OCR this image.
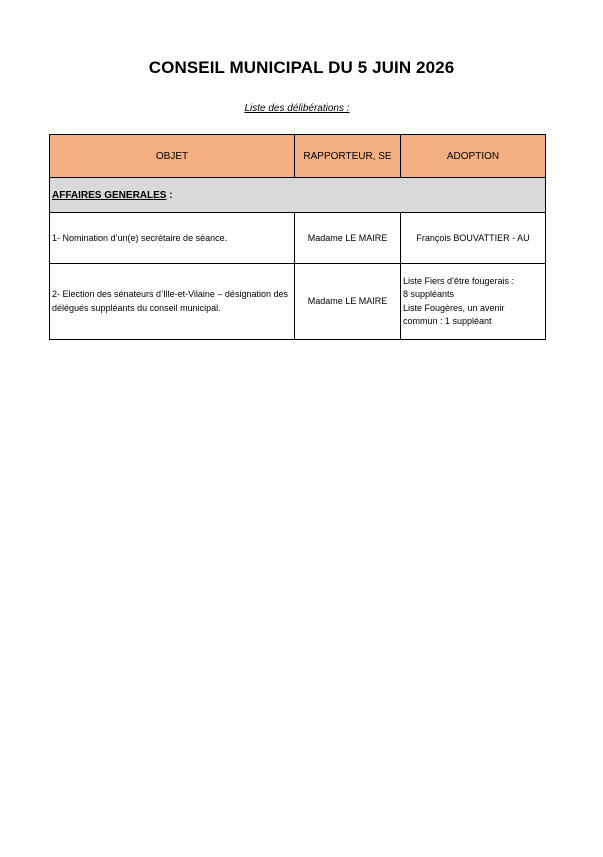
CONSEIL MUNICIPAL DU 5 JUIN 2026
Liste des délibérations :
OBJET	RAPPORTEUR, SE	ADOPTION
AFFAIRES GENERALES :		
1- Nomination d’un(e) secrétaire de séance.	Madame LE MAIRE	François BOUVATTIER - AU
2- Election des sénateurs d’Ille-et-Vilaine – désignation des délégués suppléants du conseil municipal.	Madame LE MAIRE	Liste Fiers d’être fougerais :
8 suppléants
Liste Fougères, un avenir
commun : 1 suppléant
